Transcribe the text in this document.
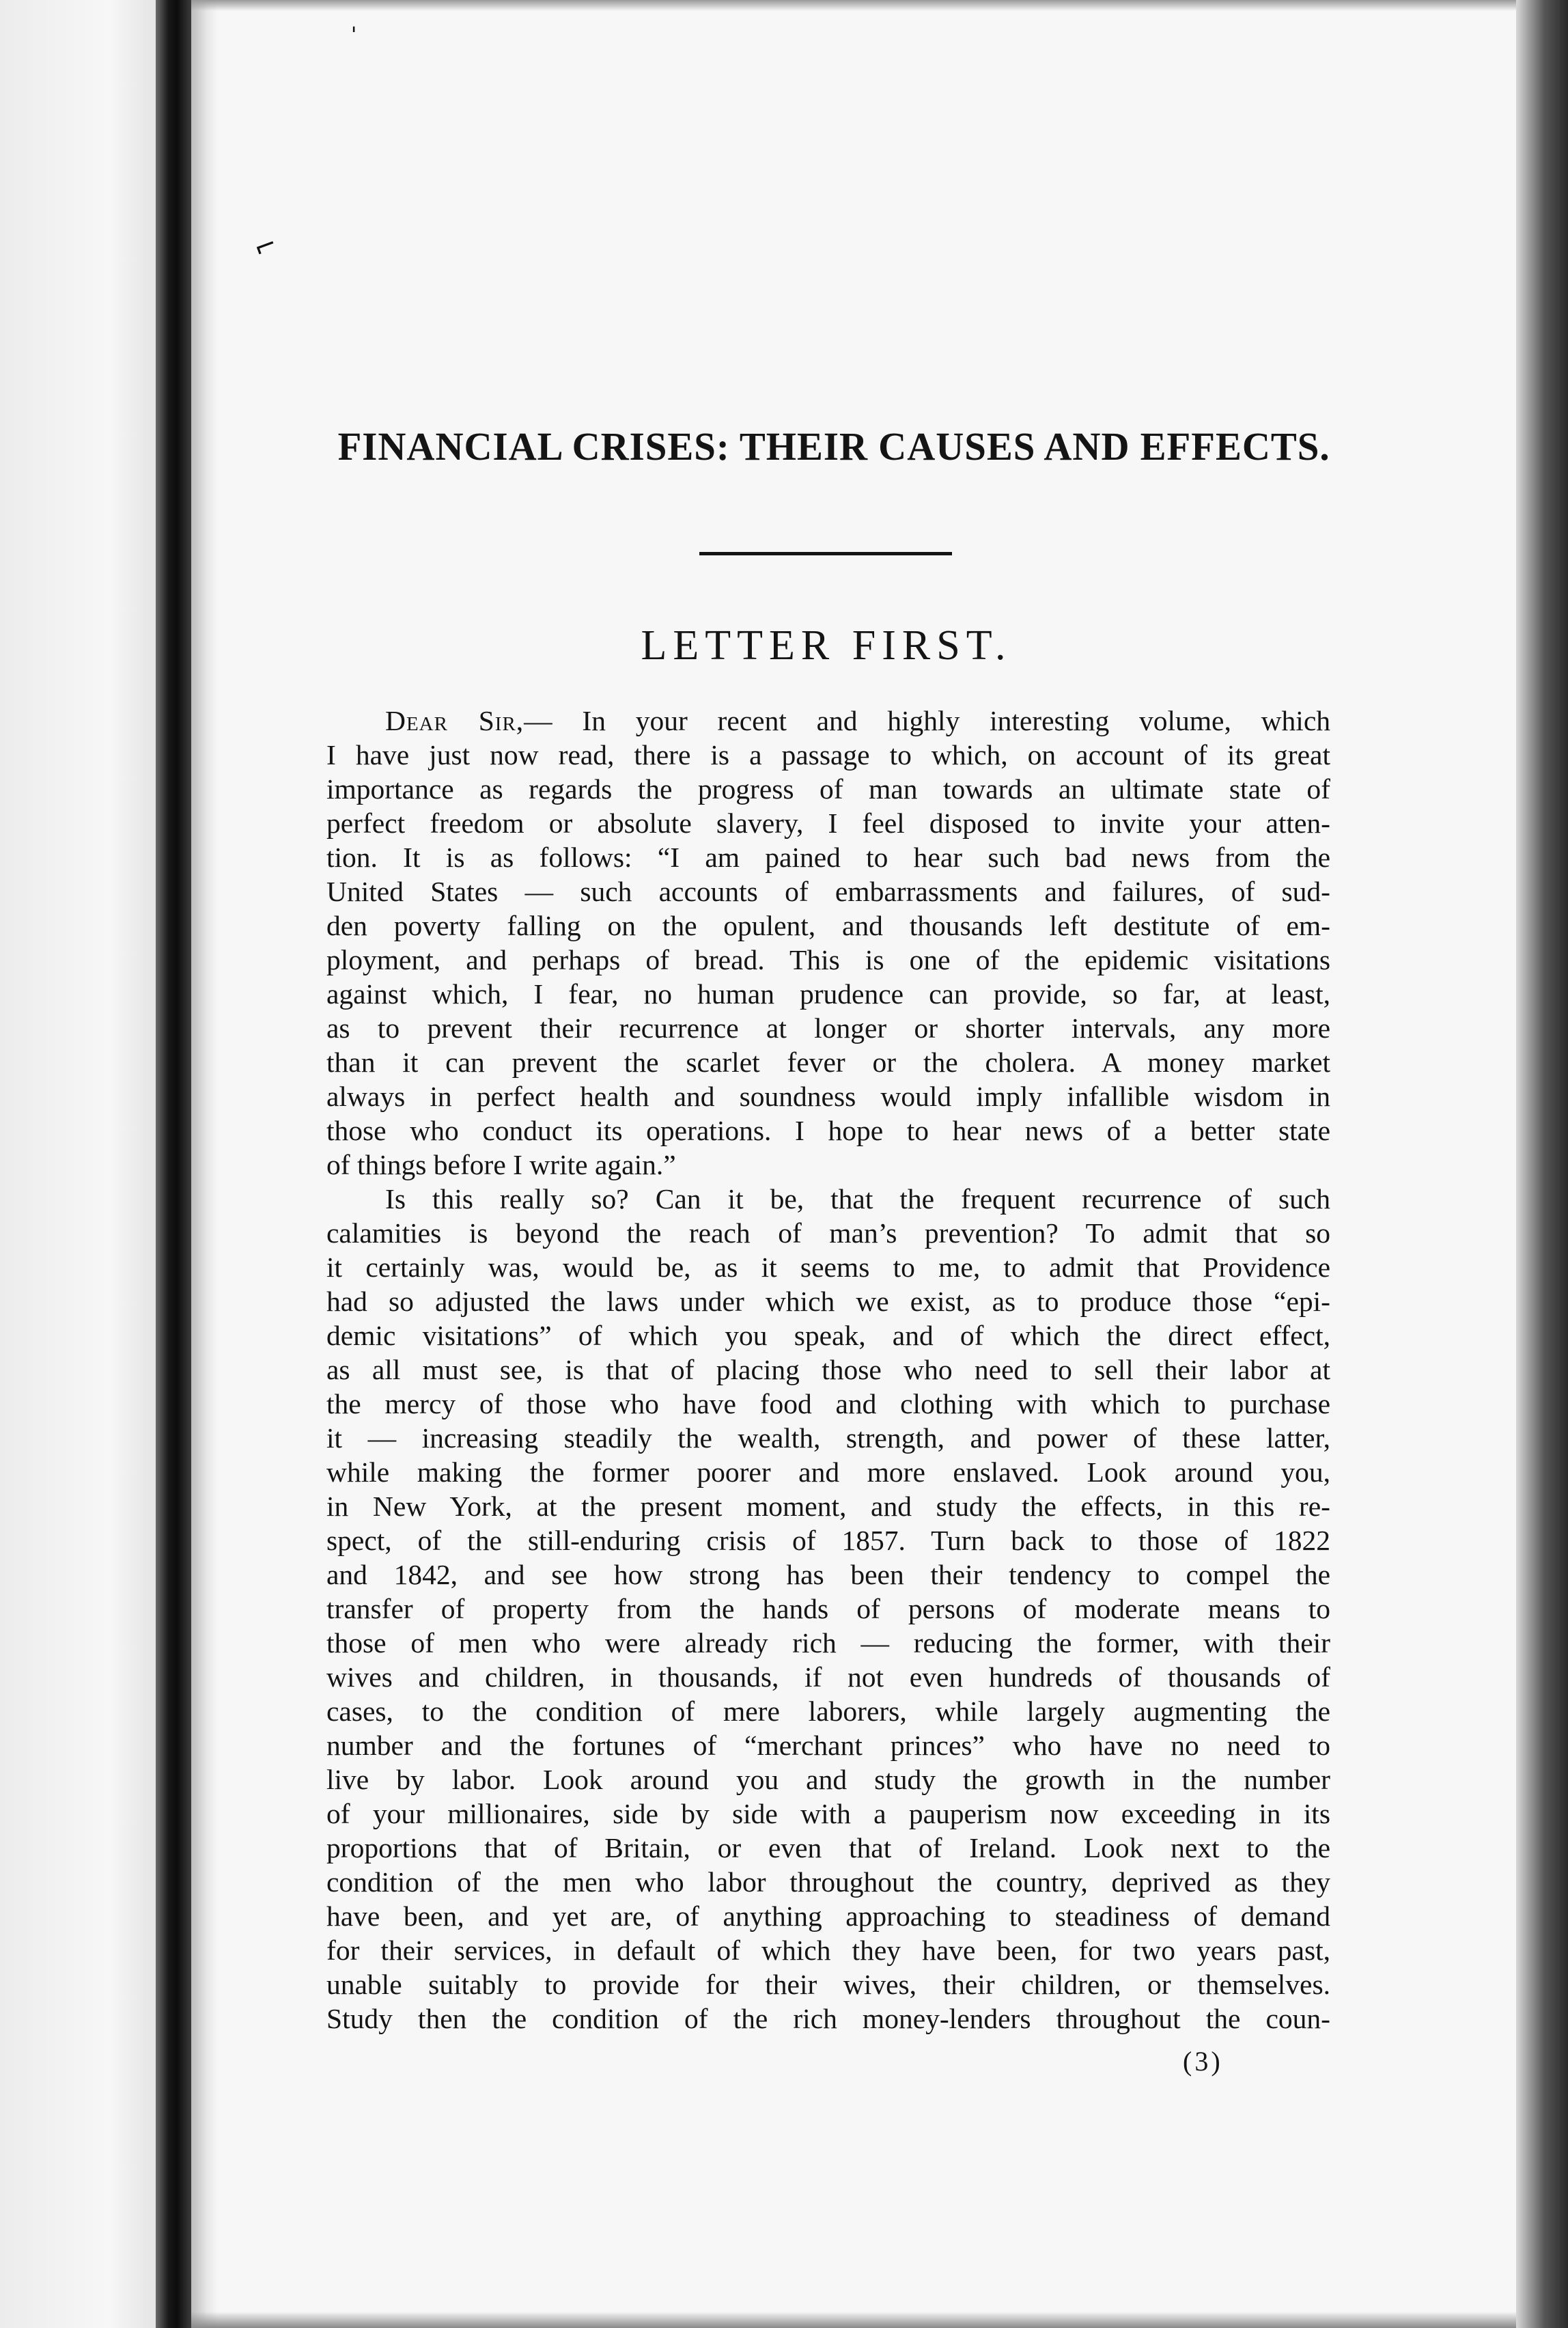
⌐
'
FINANCIAL CRISES: THEIR CAUSES AND EFFECTS.
LETTER FIRST.
Dear Sir,— In your recent and highly interesting volume, which
I have just now read, there is a passage to which, on account of its great
importance as regards the progress of man towards an ultimate state of
perfect freedom or absolute slavery, I feel disposed to invite your atten-
tion. It is as follows: “I am pained to hear such bad news from the
United States — such accounts of embarrassments and failures, of sud-
den poverty falling on the opulent, and thousands left destitute of em-
ployment, and perhaps of bread. This is one of the epidemic visitations
against which, I fear, no human prudence can provide, so far, at least,
as to prevent their recurrence at longer or shorter intervals, any more
than it can prevent the scarlet fever or the cholera. A money market
always in perfect health and soundness would imply infallible wisdom in
those who conduct its operations. I hope to hear news of a better state
of things before I write again.”
Is this really so? Can it be, that the frequent recurrence of such
calamities is beyond the reach of man’s prevention? To admit that so
it certainly was, would be, as it seems to me, to admit that Providence
had so adjusted the laws under which we exist, as to produce those “epi-
demic visitations” of which you speak, and of which the direct effect,
as all must see, is that of placing those who need to sell their labor at
the mercy of those who have food and clothing with which to purchase
it — increasing steadily the wealth, strength, and power of these latter,
while making the former poorer and more enslaved. Look around you,
in New York, at the present moment, and study the effects, in this re-
spect, of the still-enduring crisis of 1857. Turn back to those of 1822
and 1842, and see how strong has been their tendency to compel the
transfer of property from the hands of persons of moderate means to
those of men who were already rich — reducing the former, with their
wives and children, in thousands, if not even hundreds of thousands of
cases, to the condition of mere laborers, while largely augmenting the
number and the fortunes of “merchant princes” who have no need to
live by labor. Look around you and study the growth in the number
of your millionaires, side by side with a pauperism now exceeding in its
proportions that of Britain, or even that of Ireland. Look next to the
condition of the men who labor throughout the country, deprived as they
have been, and yet are, of anything approaching to steadiness of demand
for their services, in default of which they have been, for two years past,
unable suitably to provide for their wives, their children, or themselves.
Study then the condition of the rich money-lenders throughout the coun-
(3)
